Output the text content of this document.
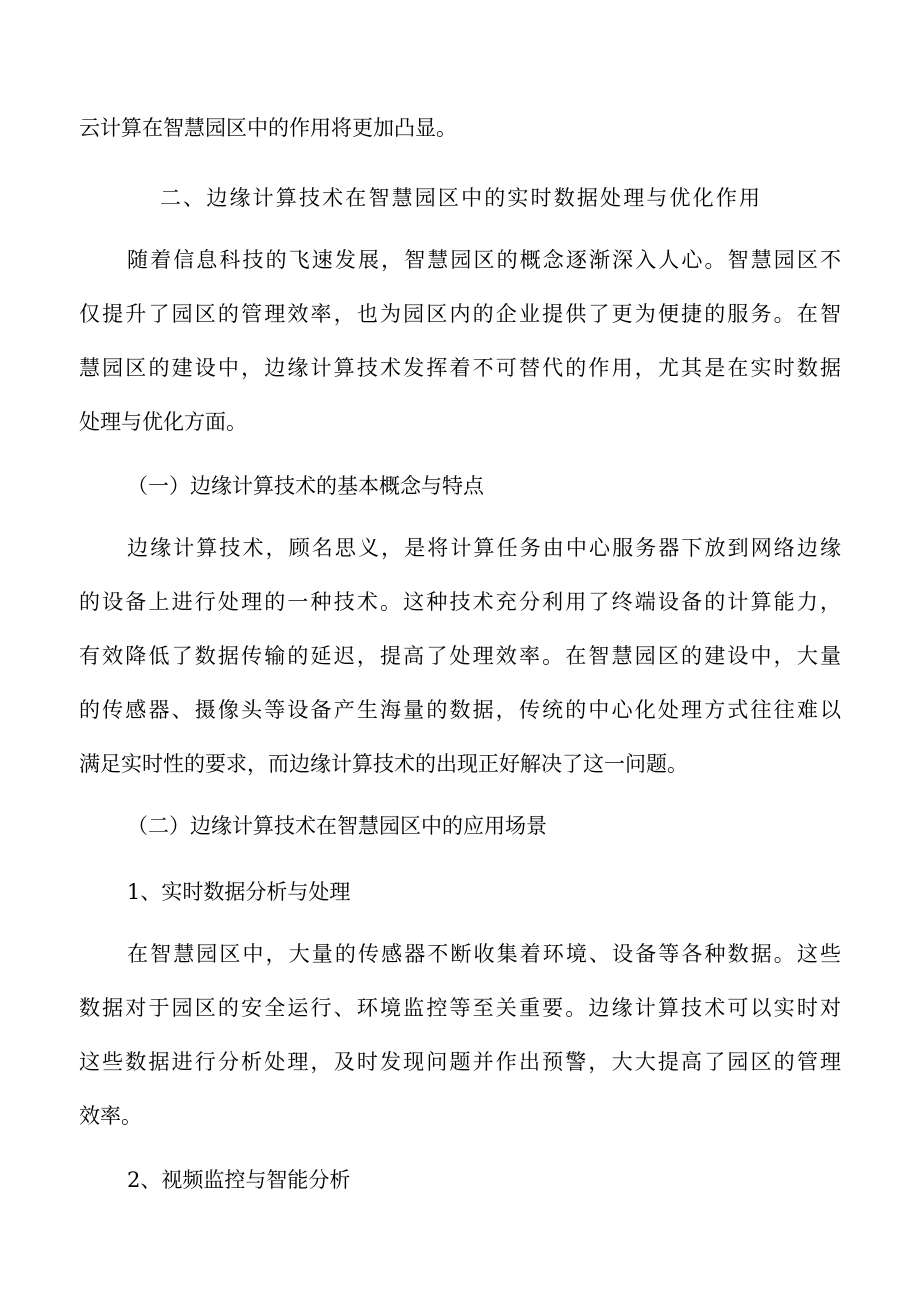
云计算在智慧园区中的作用将更加凸显。
二、边缘计算技术在智慧园区中的实时数据处理与优化作用
随着信息科技的飞速发展，智慧园区的概念逐渐深入人心。智慧园区不
仅提升了园区的管理效率，也为园区内的企业提供了更为便捷的服务。在智
慧园区的建设中，边缘计算技术发挥着不可替代的作用，尤其是在实时数据
处理与优化方面。
（一）边缘计算技术的基本概念与特点
边缘计算技术，顾名思义，是将计算任务由中心服务器下放到网络边缘
的设备上进行处理的一种技术。这种技术充分利用了终端设备的计算能力，
有效降低了数据传输的延迟，提高了处理效率。在智慧园区的建设中，大量
的传感器、摄像头等设备产生海量的数据，传统的中心化处理方式往往难以
满足实时性的要求，而边缘计算技术的出现正好解决了这一问题。
（二）边缘计算技术在智慧园区中的应用场景
1、实时数据分析与处理
在智慧园区中，大量的传感器不断收集着环境、设备等各种数据。这些
数据对于园区的安全运行、环境监控等至关重要。边缘计算技术可以实时对
这些数据进行分析处理，及时发现问题并作出预警，大大提高了园区的管理
效率。
2、视频监控与智能分析
